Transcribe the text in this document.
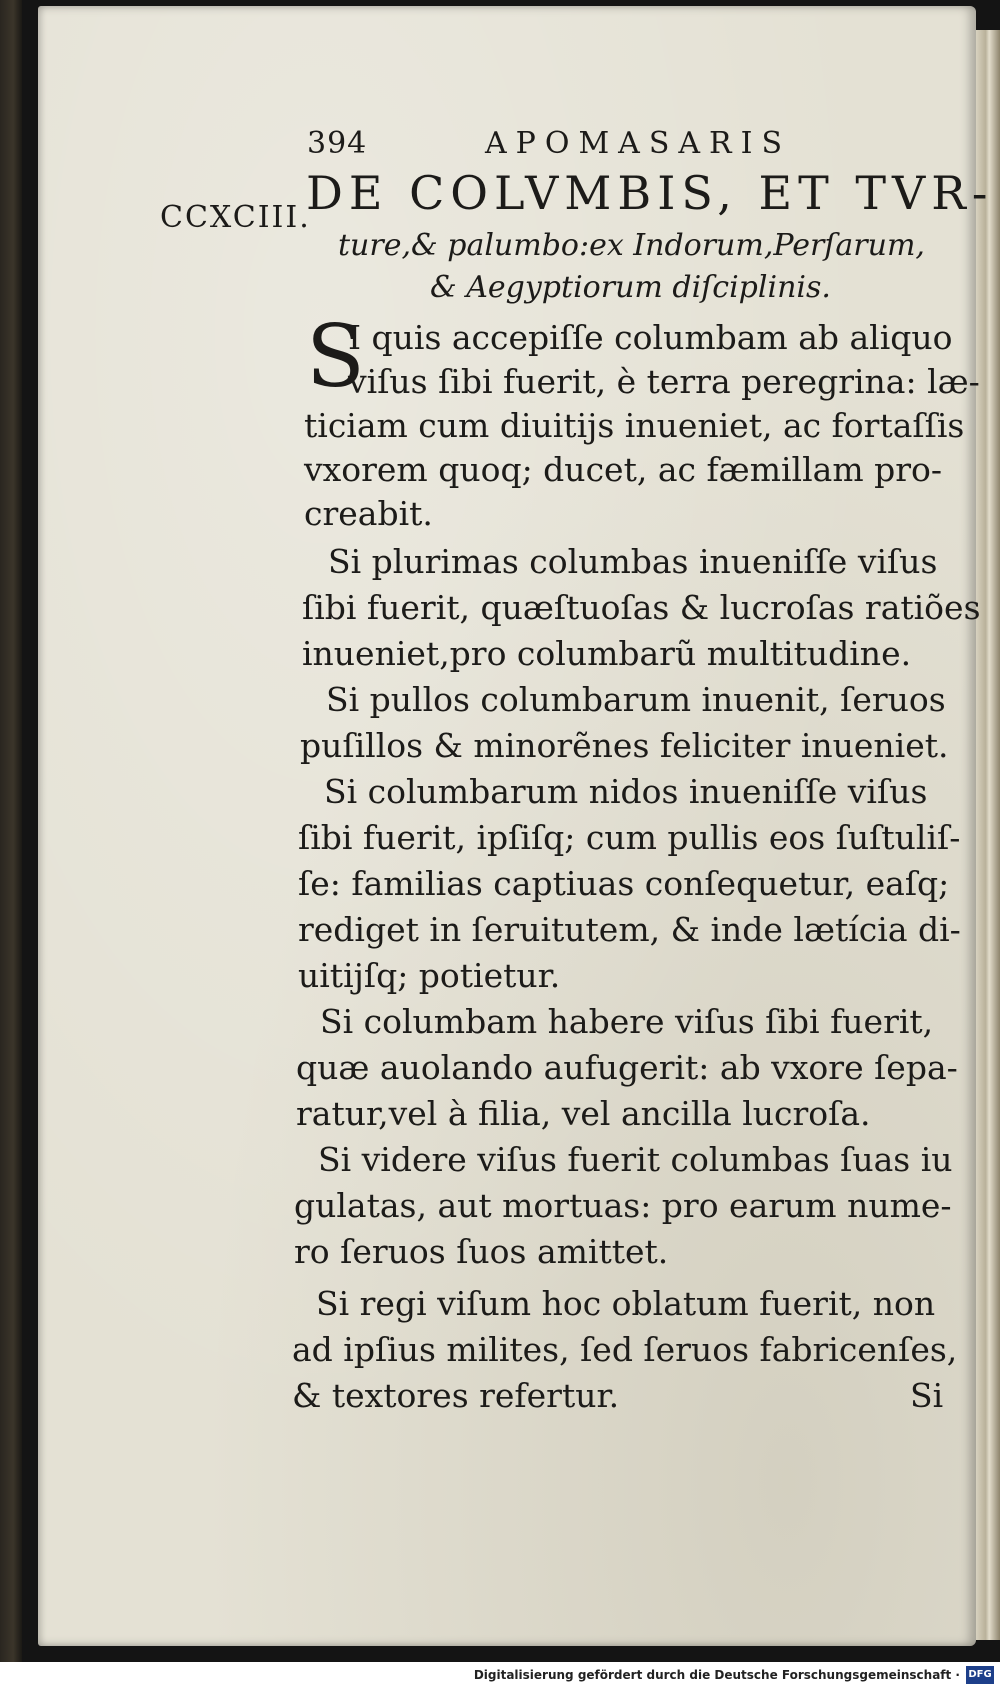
394	APOMASARIS
CCXCIII.
DE COLVMBIS, ET TVR-
ture,& palumbo:ex Indorum,Perſarum,
& Aegyptiorum diſciplinis.
S
I quis accepiſſe columbam ab aliquo
viſus ſibi fuerit, è terra peregrina: læ-
ticiam cum diuitijs inueniet, ac fortaſſis
vxorem quoq; ducet, ac fæmillam pro-
creabit.
Si plurimas columbas inueniſſe viſus
ſibi fuerit, quæſtuoſas & lucroſas ratiões
inueniet,pro columbarũ multitudine.
Si pullos columbarum inuenit, ſeruos
puſillos & minorẽnes feliciter inueniet.
Si columbarum nidos inueniſſe viſus
ſibi fuerit, ipſiſq; cum pullis eos ſuſtuliſ-
ſe: familias captiuas conſequetur, eaſq;
rediget in ſeruitutem, & inde lætícia di-
uitijſq; potietur.
Si columbam habere viſus ſibi fuerit,
quæ auolando aufugerit: ab vxore ſepa-
ratur,vel à filia, vel ancilla lucroſa.
Si videre viſus fuerit columbas ſuas iu
gulatas, aut mortuas: pro earum nume-
ro ſeruos ſuos amittet.
Si regi viſum hoc oblatum fuerit, non
ad ipſius milites, ſed ſeruos fabricenſes,
& textores refertur.	Si
Digitalisierung gefördert durch die Deutsche Forschungsgemeinschaft · DFG
